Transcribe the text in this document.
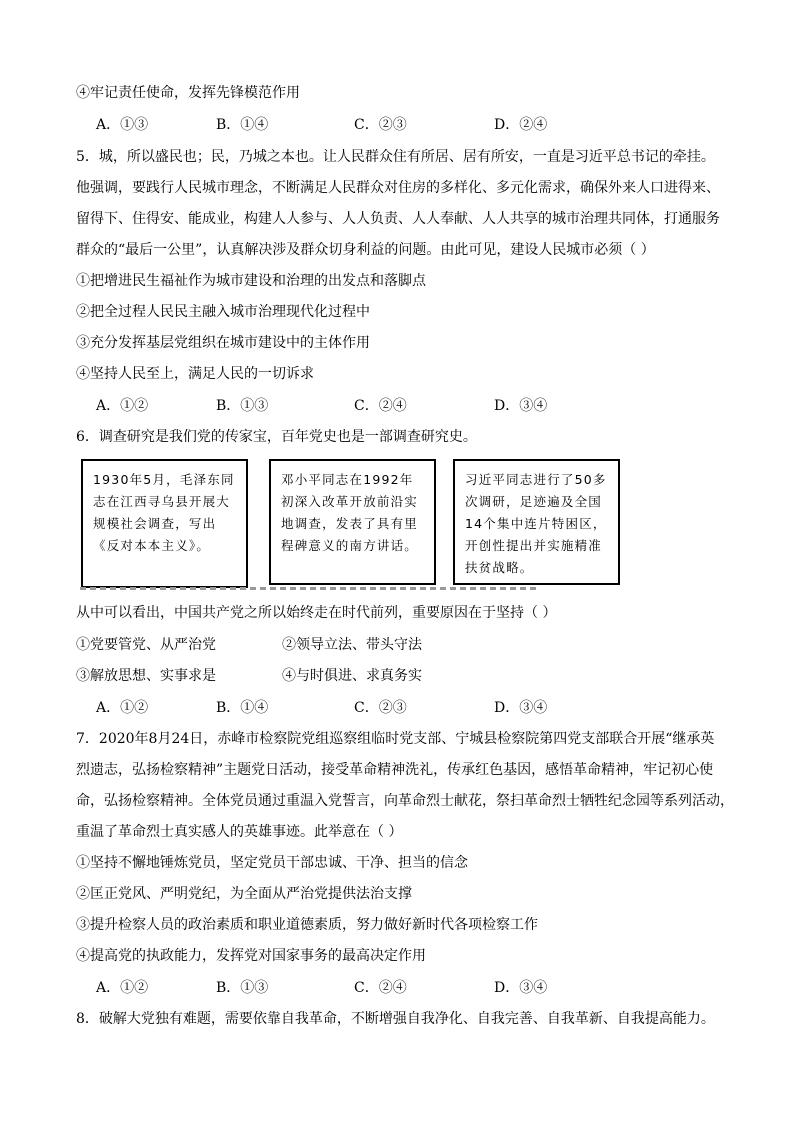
④牢记责任使命，发挥先锋模范作用
A．①③	B．①④	C．②③	D．②④
5．城，所以盛民也；民，乃城之本也。让人民群众住有所居、居有所安，一直是习近平总书记的牵挂。
他强调，要践行人民城市理念，不断满足人民群众对住房的多样化、多元化需求，确保外来人口进得来、
留得下、住得安、能成业，构建人人参与、人人负责、人人奉献、人人共享的城市治理共同体，打通服务
群众的“最后一公里”，认真解决涉及群众切身利益的问题。由此可见，建设人民城市必须（ ）
①把增进民生福祉作为城市建设和治理的出发点和落脚点
②把全过程人民民主融入城市治理现代化过程中
③充分发挥基层党组织在城市建设中的主体作用
④坚持人民至上，满足人民的一切诉求
A．①②	B．①③	C．②④	D．③④
6．调查研究是我们党的传家宝，百年党史也是一部调查研究史。
1930年5月，毛泽东同志在江西寻乌县开展大规模社会调查，写出《反对本本主义》。
邓小平同志在1992年初深入改革开放前沿实地调查，发表了具有里程碑意义的南方讲话。
习近平同志进行了50多次调研，足迹遍及全国14个集中连片特困区，开创性提出并实施精准扶贫战略。
从中可以看出，中国共产党之所以始终走在时代前列，重要原因在于坚持（ ）
①党要管党、从严治党	②领导立法、带头守法
③解放思想、实事求是	④与时俱进、求真务实
A．①②	B．①④	C．②③	D．③④
7．2020年8月24日，赤峰市检察院党组巡察组临时党支部、宁城县检察院第四党支部联合开展“继承英
烈遗志，弘扬检察精神”主题党日活动，接受革命精神洗礼，传承红色基因，感悟革命精神，牢记初心使
命，弘扬检察精神。全体党员通过重温入党誓言，向革命烈士献花，祭扫革命烈士牺牲纪念园等系列活动，
重温了革命烈士真实感人的英雄事迹。此举意在（ ）
①坚持不懈地锤炼党员，坚定党员干部忠诚、干净、担当的信念
②匡正党风、严明党纪，为全面从严治党提供法治支撑
③提升检察人员的政治素质和职业道德素质，努力做好新时代各项检察工作
④提高党的执政能力，发挥党对国家事务的最高决定作用
A．①②	B．①③	C．②④	D．③④
8．破解大党独有难题，需要依靠自我革命，不断增强自我净化、自我完善、自我革新、自我提高能力。
